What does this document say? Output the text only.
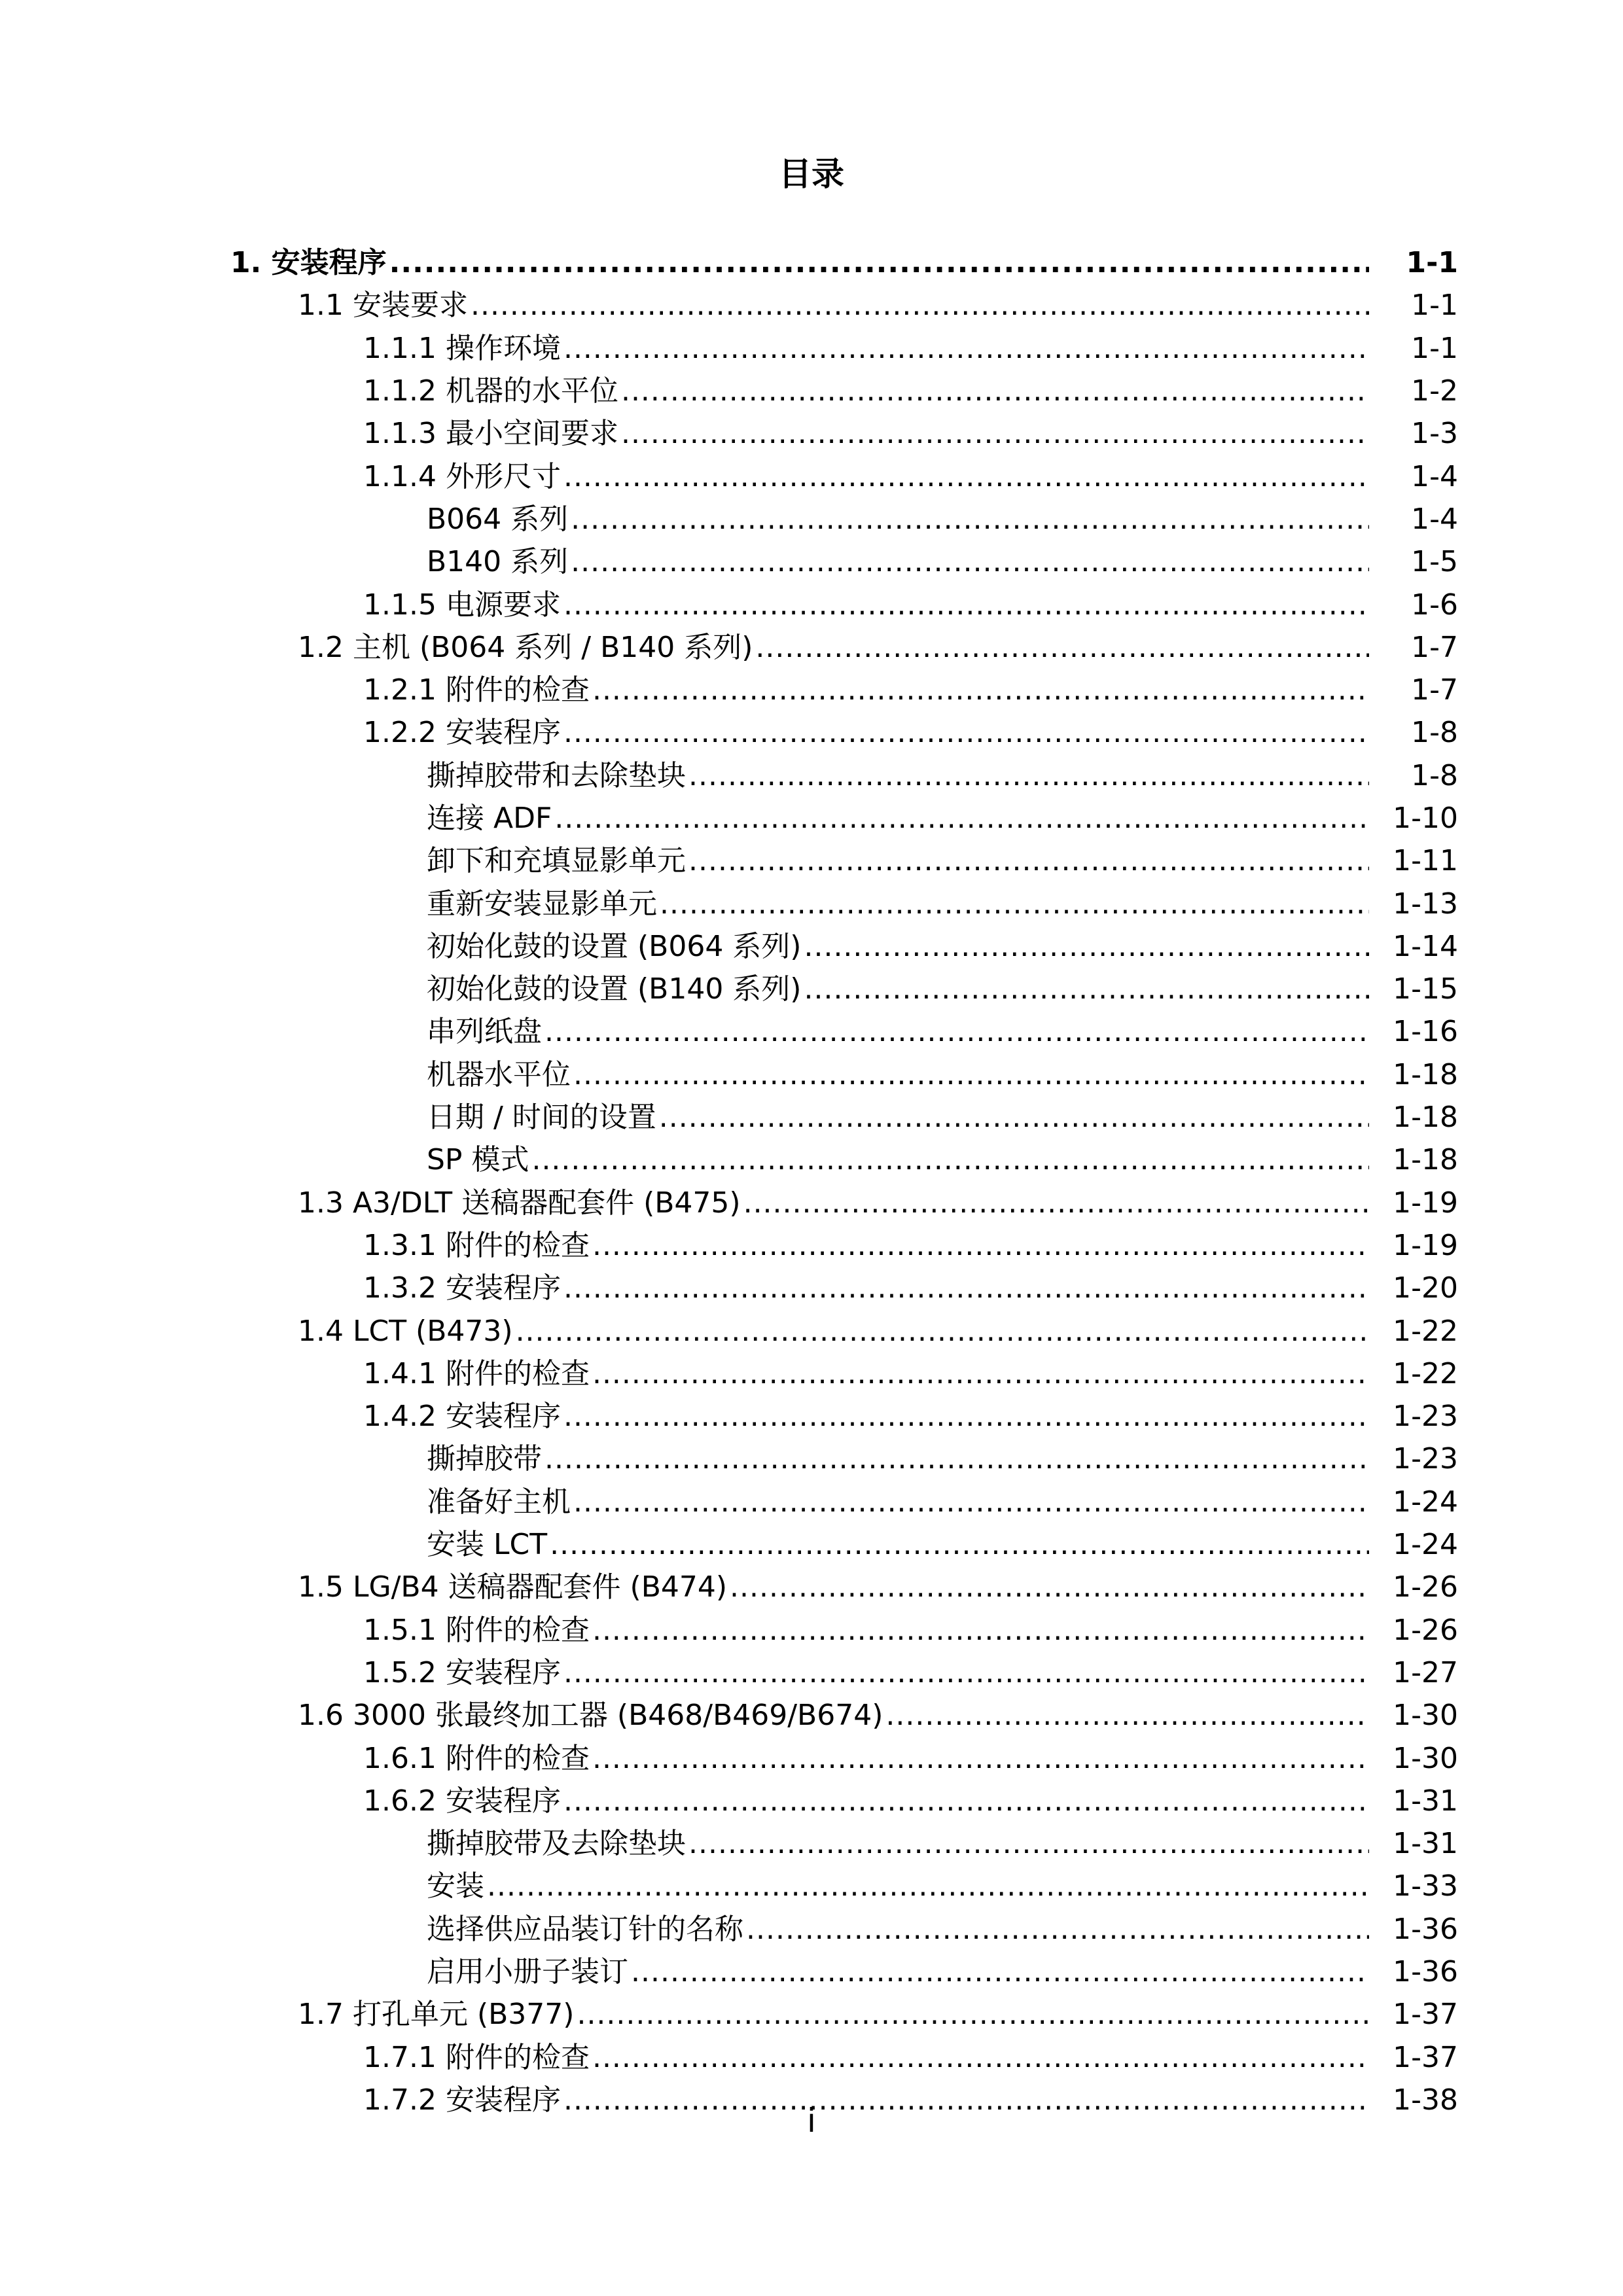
目录
1. 安装程序 .....	1-1
1.1 安装要求 .....	1-1
1.1.1 操作环境 .....	1-1
1.1.2 机器的水平位 .....	1-2
1.1.3 最小空间要求 .....	1-3
1.1.4 外形尺寸 .....	1-4
B064 系列 .....	1-4
B140 系列 .....	1-5
1.1.5 电源要求 .....	1-6
1.2 主机 (B064 系列 / B140 系列) .....	1-7
1.2.1 附件的检查 .....	1-7
1.2.2 安装程序 .....	1-8
撕掉胶带和去除垫块 .....	1-8
连接 ADF .....	1-10
卸下和充填显影单元 .....	1-11
重新安装显影单元 .....	1-13
初始化鼓的设置 (B064 系列) .....	1-14
初始化鼓的设置 (B140 系列) .....	1-15
串列纸盘 .....	1-16
机器水平位 .....	1-18
日期 / 时间的设置 .....	1-18
SP 模式 .....	1-18
1.3 A3/DLT 送稿器配套件 (B475) .....	1-19
1.3.1 附件的检查 .....	1-19
1.3.2 安装程序 .....	1-20
1.4 LCT (B473) .....	1-22
1.4.1 附件的检查 .....	1-22
1.4.2 安装程序 .....	1-23
撕掉胶带 .....	1-23
准备好主机 .....	1-24
安装 LCT .....	1-24
1.5 LG/B4 送稿器配套件 (B474) .....	1-26
1.5.1 附件的检查 .....	1-26
1.5.2 安装程序 .....	1-27
1.6 3000 张最终加工器 (B468/B469/B674) .....	1-30
1.6.1 附件的检查 .....	1-30
1.6.2 安装程序 .....	1-31
撕掉胶带及去除垫块 .....	1-31
安装 .....	1-33
选择供应品装订针的名称 .....	1-36
启用小册子装订 .....	1-36
1.7 打孔单元 (B377) .....	1-37
1.7.1 附件的检查 .....	1-37
1.7.2 安装程序 .....	1-38
i
